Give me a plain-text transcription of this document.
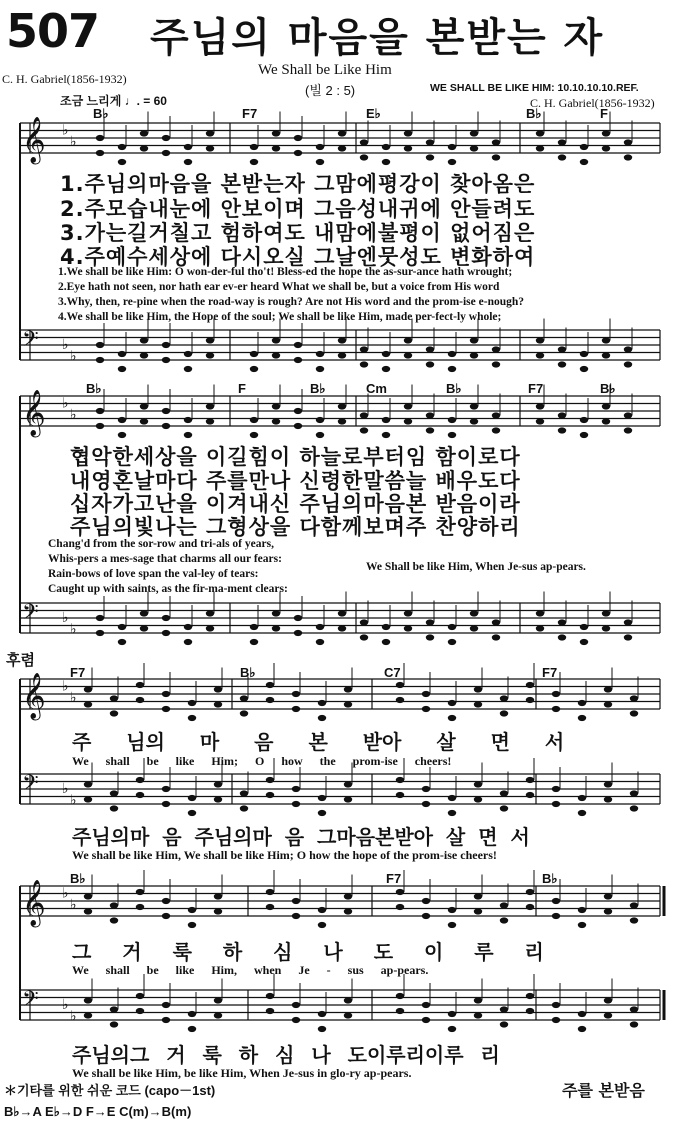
507 주님의 마음을 본받는 자
We Shall be Like Him
C. H. Gabriel(1856-1932)
(빌 2 : 5)	WE SHALL BE LIKE HIM: 10.10.10.10.REF.
C. H. Gabriel(1856-1932)
조금 느리게 ♩. = 60
𝄞 ♭
♭
𝄢 ♭
♭
𝄞 ♭
♭
𝄢 ♭
♭
𝄞 ♭
♭
𝄢 ♭
♭
𝄞 ♭
♭
𝄢 ♭
♭
B♭	F7	E♭	B♭	F
1.주님의마음을 본받는자 그맘에평강이 찾아옴은
2.주모습내눈에 안보이며 그음성내귀에 안들려도
3.가는길거칠고 험하여도 내맘에불평이 없어짐은
4.주예수세상에 다시오실 그날엔뭇성도 변화하여
1.We shall be like Him: O won-der-ful tho't! Bless-ed the hope the as-sur-ance hath wrought;
2.Eye hath not seen, nor hath ear ev-er heard What we shall be, but a voice from His word
3.Why, then, re-pine when the road-way is rough? Are not His word and the prom-ise e-nough?
4.We shall be like Him, the Hope of the soul; We shall be like Him, made per-fect-ly whole;
B♭	F	B♭	Cm	B♭	F7	B♭
협악한세상을 이길힘이 하늘로부터임 함이로다
내영혼날마다 주를만나 신령한말씀늘 배우도다
십자가고난을 이겨내신 주님의마음본 받음이라
주님의빛나는 그형상을 다함께보며주 찬양하리
Chang'd from the sor-row and tri-als of years,
Whis-pers a mes-sage that charms all our fears:
Rain-bows of love span the val-ley of tears:
Caught up with saints, as the fir-ma-ment clears:
We Shall be like Him, When Je-sus ap-pears.
후렴
F7	B♭	C7	F7
주 님의 마 음 본 받아 살 면 서
We shall be like Him; O how the prom-ise cheers!
주님의마 음 주님의마 음 그마음본받아 살 면 서
We shall be like Him, We shall be like Him; O how the hope of the prom-ise cheers!
B♭	F7	B♭
그 거 룩 하 심 나 도 이 루 리
We shall be like Him, when Je - sus ap-pears.
주님의그 거 룩 하 심 나 도이루리이루 리
We shall be like Him, be like Him, When Je-sus in glo-ry ap-pears.
＊기타를 위한 쉬운 코드 (capo－1st)
B♭→A E♭→D F→E C(m)→B(m)
주를 본받음
